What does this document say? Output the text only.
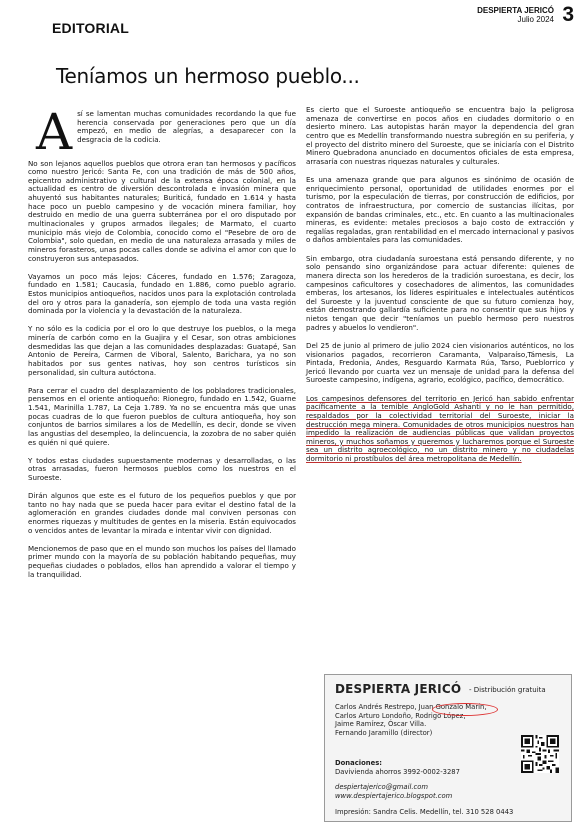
EDITORIAL
DESPIERTA JERICÓ
Julio 2024 3
Teníamos un hermoso pueblo...

A sí se lamentan muchas comunidades recordando la que fue herencia conservada por generaciones pero que un día empezó, en medio de alegrías, a desaparecer con la desgracia de la codicia.

No son lejanos aquellos pueblos que otrora eran tan hermosos y pacíficos como nuestro Jericó: Santa Fe, con una tradición de más de 500 años, epicentro administrativo y cultural de la extensa época colonial, en la actualidad es centro de diversión descontrolada e invasión minera que ahuyentó sus habitantes naturales; Buriticá, fundado en 1.614 y hasta hace poco un pueblo campesino y de vocación minera familiar, hoy destruido en medio de una guerra subterránea por el oro disputado por multinacionales y grupos armados ilegales; de Marmato, el cuarto municipio más viejo de Colombia, conocido como el "Pesebre de oro de Colombia", solo quedan, en medio de una naturaleza arrasada y miles de mineros forasteros, unas pocas calles donde se adivina el amor con que lo construyeron sus antepasados.

Vayamos un poco más lejos: Cáceres, fundado en 1.576; Zaragoza, fundado en 1.581; Caucasia, fundado en 1.886, como pueblo agrario. Estos municipios antioqueños, nacidos unos para la explotación controlada del oro y otros para la ganadería, son ejemplo de toda una vasta región dominada por la violencia y la devastación de la naturaleza.

Y no sólo es la codicia por el oro lo que destruye los pueblos, o la mega minería de carbón como en la Guajira y el Cesar, son otras ambiciones desmedidas las que dejan a las comunidades desplazadas: Guatapé, San Antonio de Pereira, Carmen de Viboral, Salento, Barichara, ya no son habitados por sus gentes nativas, hoy son centros turísticos sin personalidad, sin cultura autóctona.

Para cerrar el cuadro del desplazamiento de los pobladores tradicionales, pensemos en el oriente antioqueño: Rionegro, fundado en 1.542, Guarne 1.541, Marinilla 1.787, La Ceja 1.789. Ya no se encuentra más que unas pocas cuadras de lo que fueron pueblos de cultura antioqueña, hoy son conjuntos de barrios similares a los de Medellín, es decir, donde se viven las angustias del desempleo, la delincuencia, la zozobra de no saber quién es quién ni qué quiere.

Y todos estas ciudades supuestamente modernas y desarrolladas, o las otras arrasadas, fueron hermosos pueblos como los nuestros en el Suroeste.

Dirán algunos que este es el futuro de los pequeños pueblos y que por tanto no hay nada que se pueda hacer para evitar el destino fatal de la aglomeración en grandes ciudades donde mal conviven personas con enormes riquezas y multitudes de gentes en la miseria. Están equivocados o vencidos antes de levantar la mirada e intentar vivir con dignidad.

Mencionemos de paso que en el mundo son muchos los países del llamado primer mundo con la mayoría de su población habitando pequeñas, muy pequeñas ciudades o poblados, ellos han aprendido a valorar el tiempo y la tranquilidad.

Es cierto que el Suroeste antioqueño se encuentra bajo la peligrosa amenaza de convertirse en pocos años en ciudades dormitorio o en desierto minero. Las autopistas harán mayor la dependencia del gran centro que es Medellín transformando nuestra subregión en su periferia, y el proyecto del distrito minero del Suroeste, que se iniciaría con el Distrito Minero Quebradona anunciado en documentos oficiales de esta empresa, arrasaría con nuestras riquezas naturales y culturales.

Es una amenaza grande que para algunos es sinónimo de ocasión de enriquecimiento personal, oportunidad de utilidades enormes por el turismo, por la especulación de tierras, por construcción de edificios, por contratos de infraestructura, por comercio de sustancias ilícitas, por expansión de bandas criminales, etc., etc. En cuanto a las multinacionales mineras, es evidente: metales preciosos a bajo costo de extracción y regalías regaladas, gran rentabilidad en el mercado internacional y pasivos o daños ambientales para las comunidades.

Sin embargo, otra ciudadanía suroestana está pensando diferente, y no solo pensando sino organizándose para actuar diferente: quienes de manera directa son los herederos de la tradición suroestana, es decir, los campesinos caficultores y cosechadores de alimentos, las comunidades emberas, los artesanos, los líderes espirituales e intelectuales auténticos del Suroeste y la juventud consciente de que su futuro comienza hoy, están demostrando gallardía suficiente para no consentir que sus hijos y nietos tengan que decir "teníamos un pueblo hermoso pero nuestros padres y abuelos lo vendieron".

Del 25 de junio al primero de julio 2024 cien visionarios auténticos, no los visionarios pagados, recorrieron Caramanta, Valparaíso,Támesis, La Pintada, Fredonia, Andes, Resguardo Karmata Rúa, Tarso, Pueblorrico y Jericó llevando por cuarta vez un mensaje de unidad para la defensa del Suroeste campesino, indígena, agrario, ecológico, pacífico, democrático.

Los campesinos defensores del territorio en Jericó han sabido enfrentar pacíficamente a la temible AngloGold Ashanti y no le han permitido, respaldados por la colectividad territorial del Suroeste, iniciar la destrucción mega minera. Comunidades de otros municipios nuestros han impedido la realización de audiencias públicas que validan proyectos mineros, y muchos soñamos y queremos y lucharemos porque el Suroeste sea un distrito agroecológico, no un distrito minero y no ciudadelas dormitorio ni prostíbulos del área metropolitana de Medellín.

DESPIERTA JERICÓ - Distribución gratuita
Carlos Andrés Restrepo, Juan Gonzalo Marín,
Carlos Arturo Londoño, Rodrigo López,
Jaime Ramírez, Óscar Villa.
Fernando Jaramillo (director)
Donaciones:
Davivienda ahorros 3992-0002-3287
despiertajerico@gmail.com
www.despiertajerico.blogspot.com
Impresión: Sandra Celis. Medellín, tel. 310 528 0443
